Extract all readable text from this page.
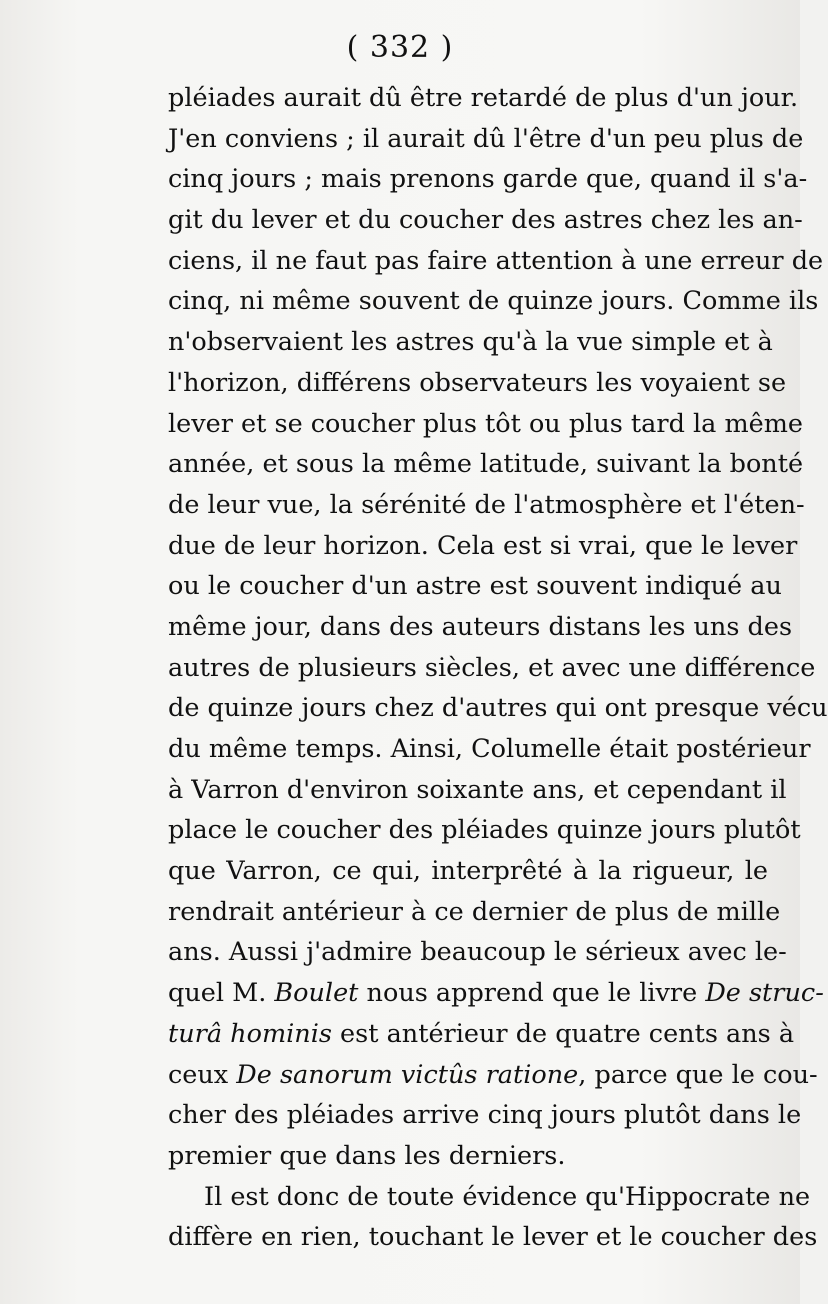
( 332 )
pléiades aurait dû être retardé de plus d'un jour.
J'en conviens ; il aurait dû l'être d'un peu plus de
cinq jours ; mais prenons garde que, quand il s'a-
git du lever et du coucher des astres chez les an-
ciens, il ne faut pas faire attention à une erreur de
cinq, ni même souvent de quinze jours. Comme ils
n'observaient les astres qu'à la vue simple et à
l'horizon, différens observateurs les voyaient se
lever et se coucher plus tôt ou plus tard la même
année, et sous la même latitude, suivant la bonté
de leur vue, la sérénité de l'atmosphère et l'éten-
due de leur horizon. Cela est si vrai, que le lever
ou le coucher d'un astre est souvent indiqué au
même jour, dans des auteurs distans les uns des
autres de plusieurs siècles, et avec une différence
de quinze jours chez d'autres qui ont presque vécu
du même temps. Ainsi, Columelle était postérieur
à Varron d'environ soixante ans, et cependant il
place le coucher des pléiades quinze jours plutôt
que Varron, ce qui, interprêté à la rigueur, le
rendrait antérieur à ce dernier de plus de mille
ans. Aussi j'admire beaucoup le sérieux avec le-
quel M. Boulet nous apprend que le livre De struc-
turâ hominis est antérieur de quatre cents ans à
ceux De sanorum victûs ratione, parce que le cou-
cher des pléiades arrive cinq jours plutôt dans le
premier que dans les derniers.
Il est donc de toute évidence qu'Hippocrate ne
diffère en rien, touchant le lever et le coucher des
